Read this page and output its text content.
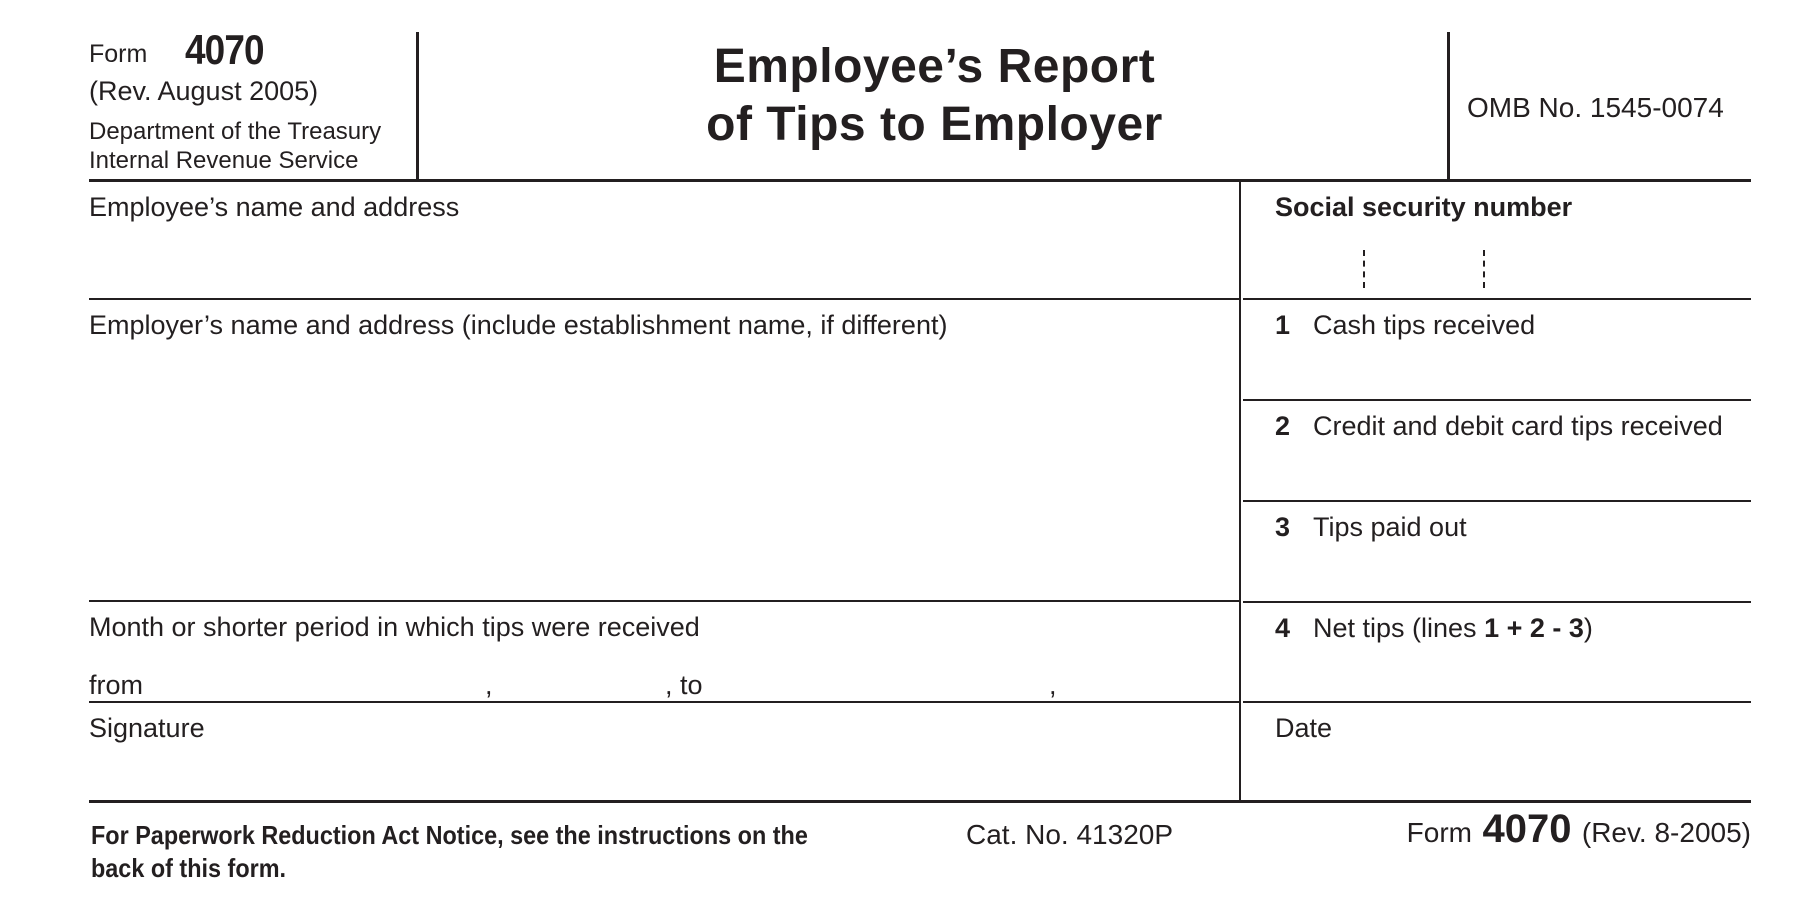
Form 4070
(Rev. August 2005)
Department of the Treasury
Internal Revenue Service
Employee’s Report
of Tips to Employer	OMB No. 1545-0074
Employee’s name and address
Employer’s name and address (include establishment name, if different)
Month or shorter period in which tips were received
from	,	, to	,
Signature
Social security number
1 Cash tips received
2 Credit and debit card tips received
3 Tips paid out
4 Net tips (lines 1 + 2 - 3)
Date
For Paperwork Reduction Act Notice, see the instructions on the back of this form.
Cat. No. 41320P	Form 4070 (Rev. 8-2005)
